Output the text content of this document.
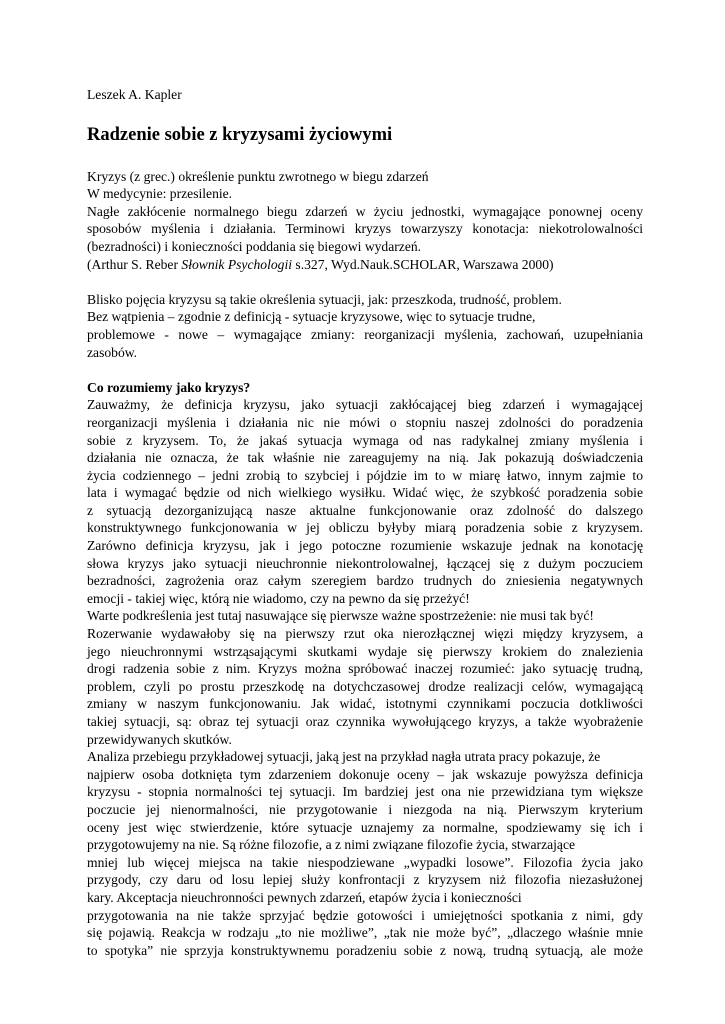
Leszek A. Kapler

Radzenie sobie z kryzysami życiowymi
Kryzys (z grec.) określenie punktu zwrotnego w biegu zdarzeń
W medycynie: przesilenie.
Nagłe zakłócenie normalnego biegu zdarzeń w życiu jednostki, wymagające ponownej oceny
sposobów myślenia i działania. Terminowi kryzys towarzyszy konotacja: niekotrolowalności
(bezradności) i konieczności poddania się biegowi wydarzeń.
(Arthur S. Reber Słownik Psychologii s.327, Wyd.Nauk.SCHOLAR, Warszawa 2000)
Blisko pojęcia kryzysu są takie określenia sytuacji, jak: przeszkoda, trudność, problem.
Bez wątpienia – zgodnie z definicją - sytuacje kryzysowe, więc to sytuacje trudne,
problemowe - nowe – wymagające zmiany: reorganizacji myślenia, zachowań, uzupełniania
zasobów.
Co rozumiemy jako kryzys?
Zauważmy, że definicja kryzysu, jako sytuacji zakłócającej bieg zdarzeń i wymagającej
reorganizacji myślenia i działania nic nie mówi o stopniu naszej zdolności do poradzenia
sobie z kryzysem. To, że jakaś sytuacja wymaga od nas radykalnej zmiany myślenia i
działania nie oznacza, że tak właśnie nie zareagujemy na nią. Jak pokazują doświadczenia
życia codziennego – jedni zrobią to szybciej i pójdzie im to w miarę łatwo, innym zajmie to
lata i wymagać będzie od nich wielkiego wysiłku. Widać więc, że szybkość poradzenia sobie
z sytuacją dezorganizującą nasze aktualne funkcjonowanie oraz zdolność do dalszego
konstruktywnego funkcjonowania w jej obliczu byłyby miarą poradzenia sobie z kryzysem.
Zarówno definicja kryzysu, jak i jego potoczne rozumienie wskazuje jednak na konotację
słowa kryzys jako sytuacji nieuchronnie niekontrolowalnej, łączącej się z dużym poczuciem
bezradności, zagrożenia oraz całym szeregiem bardzo trudnych do zniesienia negatywnych
emocji - takiej więc, którą nie wiadomo, czy na pewno da się przeżyć!
Warte podkreślenia jest tutaj nasuwające się pierwsze ważne spostrzeżenie: nie musi tak być!
Rozerwanie wydawałoby się na pierwszy rzut oka nierozłącznej więzi między kryzysem, a
jego nieuchronnymi wstrząsającymi skutkami wydaje się pierwszy krokiem do znalezienia
drogi radzenia sobie z nim. Kryzys można spróbować inaczej rozumieć: jako sytuację trudną,
problem, czyli po prostu przeszkodę na dotychczasowej drodze realizacji celów, wymagającą
zmiany w naszym funkcjonowaniu. Jak widać, istotnymi czynnikami poczucia dotkliwości
takiej sytuacji, są: obraz tej sytuacji oraz czynnika wywołującego kryzys, a także wyobrażenie
przewidywanych skutków.
Analiza przebiegu przykładowej sytuacji, jaką jest na przykład nagła utrata pracy pokazuje, że
najpierw osoba dotknięta tym zdarzeniem dokonuje oceny – jak wskazuje powyższa definicja
kryzysu - stopnia normalności tej sytuacji. Im bardziej jest ona nie przewidziana tym większe
poczucie jej nienormalności, nie przygotowanie i niezgoda na nią. Pierwszym kryterium
oceny jest więc stwierdzenie, które sytuacje uznajemy za normalne, spodziewamy się ich i
przygotowujemy na nie. Są różne filozofie, a z nimi związane filozofie życia, stwarzające
mniej lub więcej miejsca na takie niespodziewane „wypadki losowe”. Filozofia życia jako
przygody, czy daru od losu lepiej służy konfrontacji z kryzysem niż filozofia niezasłużonej
kary. Akceptacja nieuchronności pewnych zdarzeń, etapów życia i konieczności
przygotowania na nie także sprzyjać będzie gotowości i umiejętności spotkania z nimi, gdy
się pojawią. Reakcja w rodzaju „to nie możliwe”, „tak nie może być”, „dlaczego właśnie mnie
to spotyka” nie sprzyja konstruktywnemu poradzeniu sobie z nową, trudną sytuacją, ale może
